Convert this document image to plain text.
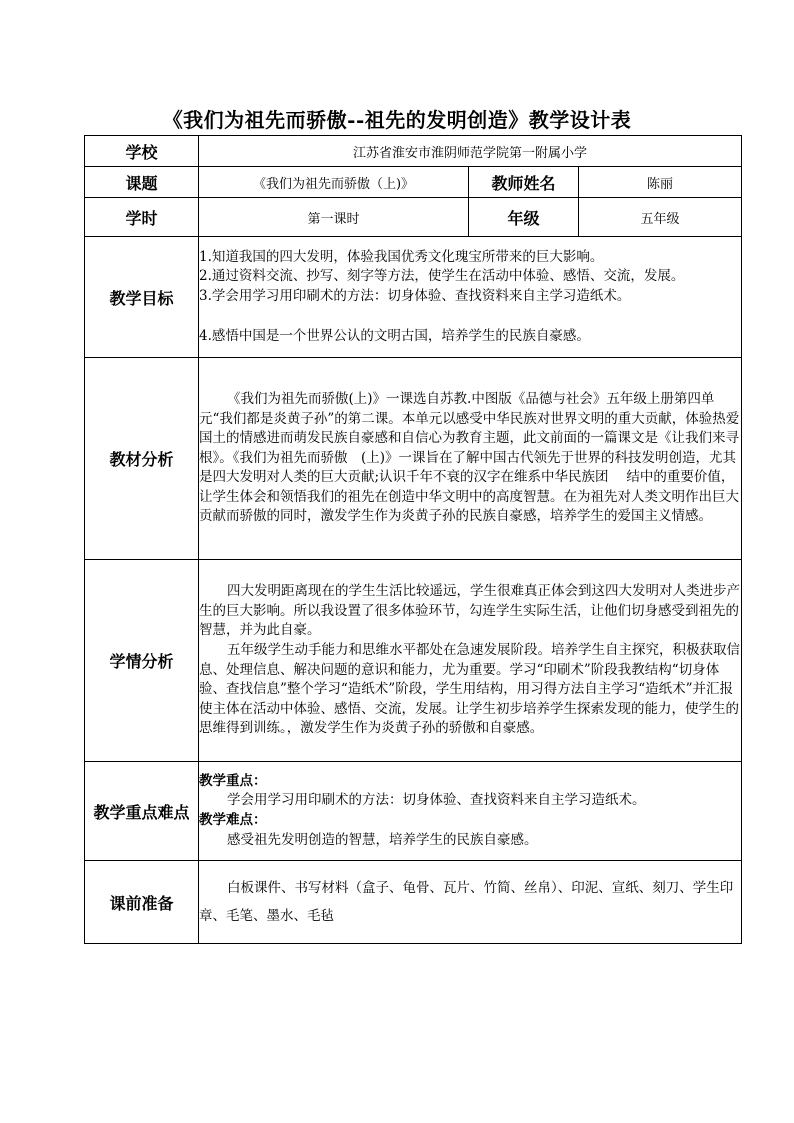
《我们为祖先而骄傲--祖先的发明创造》教学设计表
学校	江苏省淮安市淮阴师范学院第一附属小学		
课题	《我们为祖先而骄傲（上)》	教师姓名	陈丽
学时	第一课时	年级	五年级
教学目标	1.知道我国的四大发明，体验我国优秀文化瑰宝所带来的巨大影响。

2.通过资料交流、抄写、刻字等方法，使学生在活动中体验、感悟、交流，发展。

3.学会用学习用印刷术的方法：切身体验、查找资料来自主学习造纸术。

4.感悟中国是一个世界公认的文明古国，培养学生的民族自豪感。		

教材分析	《我们为祖先而骄傲(上)》一课选自苏教.中图版《品德与社会》五年级上册第四单元“我们都是炎黄子孙”的第二课。本单元以感受中华民族对世界文明的重大贡献，体验热爱国土的情感进而萌发民族自豪感和自信心为教育主题，此文前面的一篇课文是《让我们来寻根》。《我们为祖先而骄傲　(上)》一课旨在了解中国古代领先于世界的科技发明创造，尤其是四大发明对人类的巨大贡献;认识千年不衰的汉字在维系中华民族团　 结中的重要价值，让学生体会和领悟我们的祖先在创造中华文明中的高度智慧。在为祖先对人类文明作出巨大贡献而骄傲的同时，激发学生作为炎黄子孙的民族自豪感，培养学生的爱国主义情感。		

学情分析	四大发明距离现在的学生生活比较遥远，学生很难真正体会到这四大发明对人类进步产生的巨大影响。所以我设置了很多体验环节，勾连学生实际生活，让他们切身感受到祖先的智慧，并为此自豪。

五年级学生动手能力和思维水平都处在急速发展阶段。培养学生自主探究，积极获取信息、处理信息、解决问题的意识和能力，尤为重要。学习“印刷术”阶段我教结构“切身体验、查找信息”整个学习“造纸术”阶段，学生用结构，用习得方法自主学习“造纸术”并汇报使主体在活动中体验、感悟、交流，发展。让学生初步培养学生探索发现的能力，使学生的思维得到训练。，激发学生作为炎黄子孙的骄傲和自豪感。		

教学重点难点	教学重点：

学会用学习用印刷术的方法：切身体验、查找资料来自主学习造纸术。

教学难点：

感受祖先发明创造的智慧，培养学生的民族自豪感。		

课前准备	白板课件、书写材料（盒子、龟骨、瓦片、竹简、丝帛）、印泥、宣纸、刻刀、学生印章、毛笔、墨水、毛毡		
